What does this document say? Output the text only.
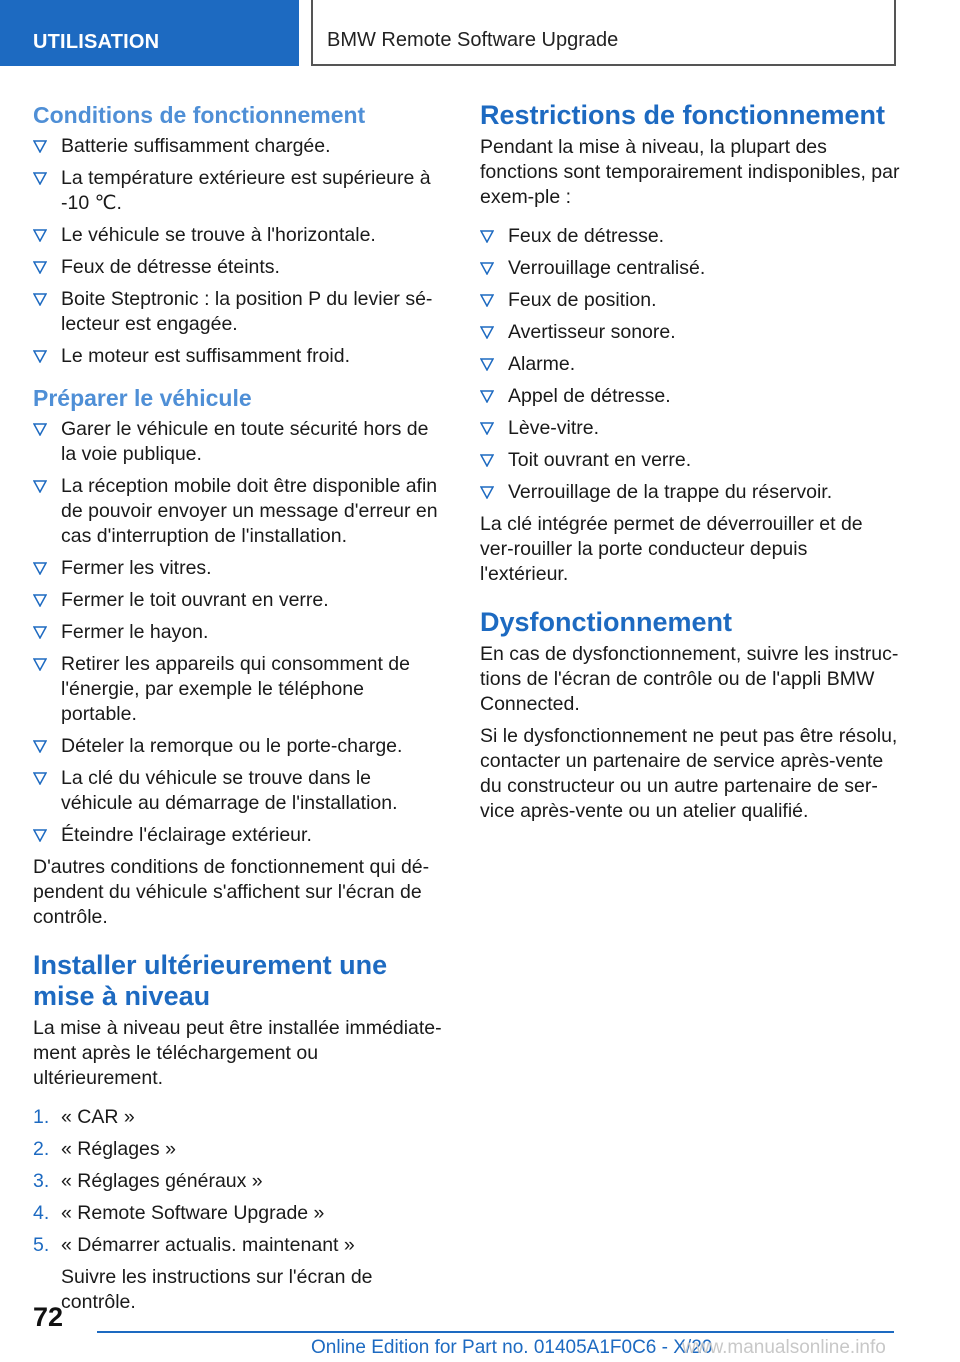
UTILISATION	BMW Remote Software Upgrade
Conditions de fonctionnement
Batterie suffisamment chargée.
La température extérieure est supérieure à -10 ℃.
Le véhicule se trouve à l'horizontale.
Feux de détresse éteints.
Boite Steptronic : la position P du levier sé-lecteur est engagée.
Le moteur est suffisamment froid.
Préparer le véhicule
Garer le véhicule en toute sécurité hors de la voie publique.
La réception mobile doit être disponible afin de pouvoir envoyer un message d'erreur en cas d'interruption de l'installation.
Fermer les vitres.
Fermer le toit ouvrant en verre.
Fermer le hayon.
Retirer les appareils qui consomment de l'énergie, par exemple le téléphone portable.
Dételer la remorque ou le porte-charge.
La clé du véhicule se trouve dans le véhicule au démarrage de l'installation.
Éteindre l'éclairage extérieur.

D'autres conditions de fonctionnement qui dé-pendent du véhicule s'affichent sur l'écran de contrôle.

Installer ultérieurement une mise à niveau

La mise à niveau peut être installée immédiate-ment après le téléchargement ou ultérieurement.

1. « CAR »
2. « Réglages »
3. « Réglages généraux »
4. « Remote Software Upgrade »
5. « Démarrer actualis. maintenant »

Suivre les instructions sur l'écran de contrôle.

Restrictions de fonctionnement

Pendant la mise à niveau, la plupart des fonctions sont temporairement indisponibles, par exem-ple :

Feux de détresse.
Verrouillage centralisé.
Feux de position.
Avertisseur sonore.
Alarme.
Appel de détresse.
Lève-vitre.
Toit ouvrant en verre.
Verrouillage de la trappe du réservoir.

La clé intégrée permet de déverrouiller et de ver-rouiller la porte conducteur depuis l'extérieur.

Dysfonctionnement

En cas de dysfonctionnement, suivre les instruc-tions de l'écran de contrôle ou de l'appli BMW Connected.

Si le dysfonctionnement ne peut pas être résolu, contacter un partenaire de service après-vente du constructeur ou un autre partenaire de ser-vice après-vente ou un atelier qualifié.

72
Online Edition for Part no. 01405A1F0C6 - X/20
www.manualsonline.info
